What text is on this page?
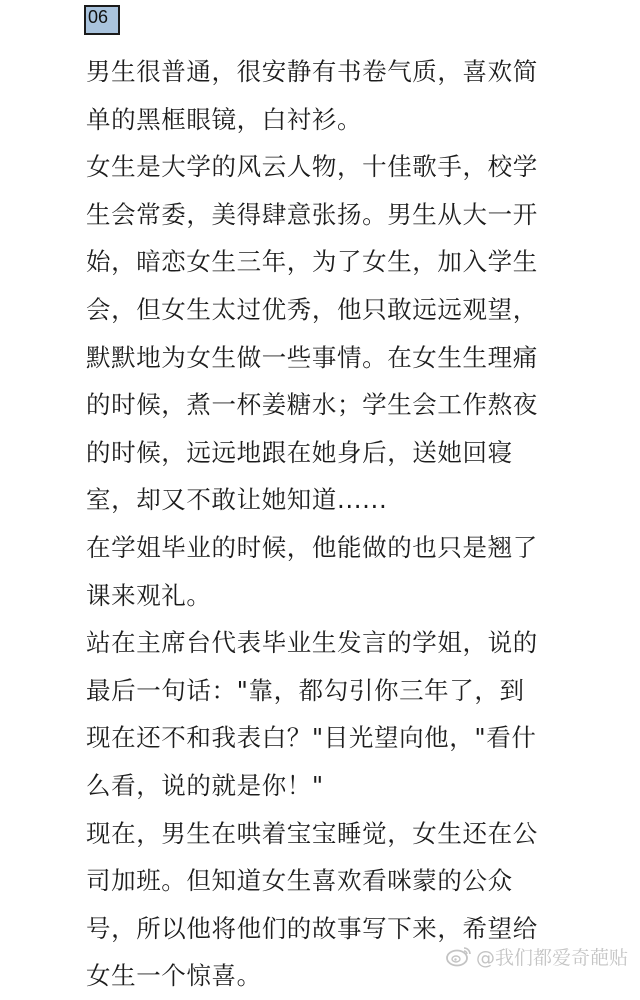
06
男生很普通，很安静有书卷气质，喜欢简
单的黑框眼镜，白衬衫。
女生是大学的风云人物，十佳歌手，校学
生会常委，美得肆意张扬。男生从大一开
始，暗恋女生三年，为了女生，加入学生
会，但女生太过优秀，他只敢远远观望，
默默地为女生做一些事情。在女生生理痛
的时候，煮一杯姜糖水；学生会工作熬夜
的时候，远远地跟在她身后，送她回寝
室，却又不敢让她知道......
在学姐毕业的时候，他能做的也只是翘了
课来观礼。
站在主席台代表毕业生发言的学姐，说的
最后一句话："靠，都勾引你三年了，到
现在还不和我表白？"目光望向他，"看什
么看，说的就是你！"
现在，男生在哄着宝宝睡觉，女生还在公
司加班。但知道女生喜欢看咪蒙的公众
号，所以他将他们的故事写下来，希望给
女生一个惊喜。
@我们都爱奇葩贴
